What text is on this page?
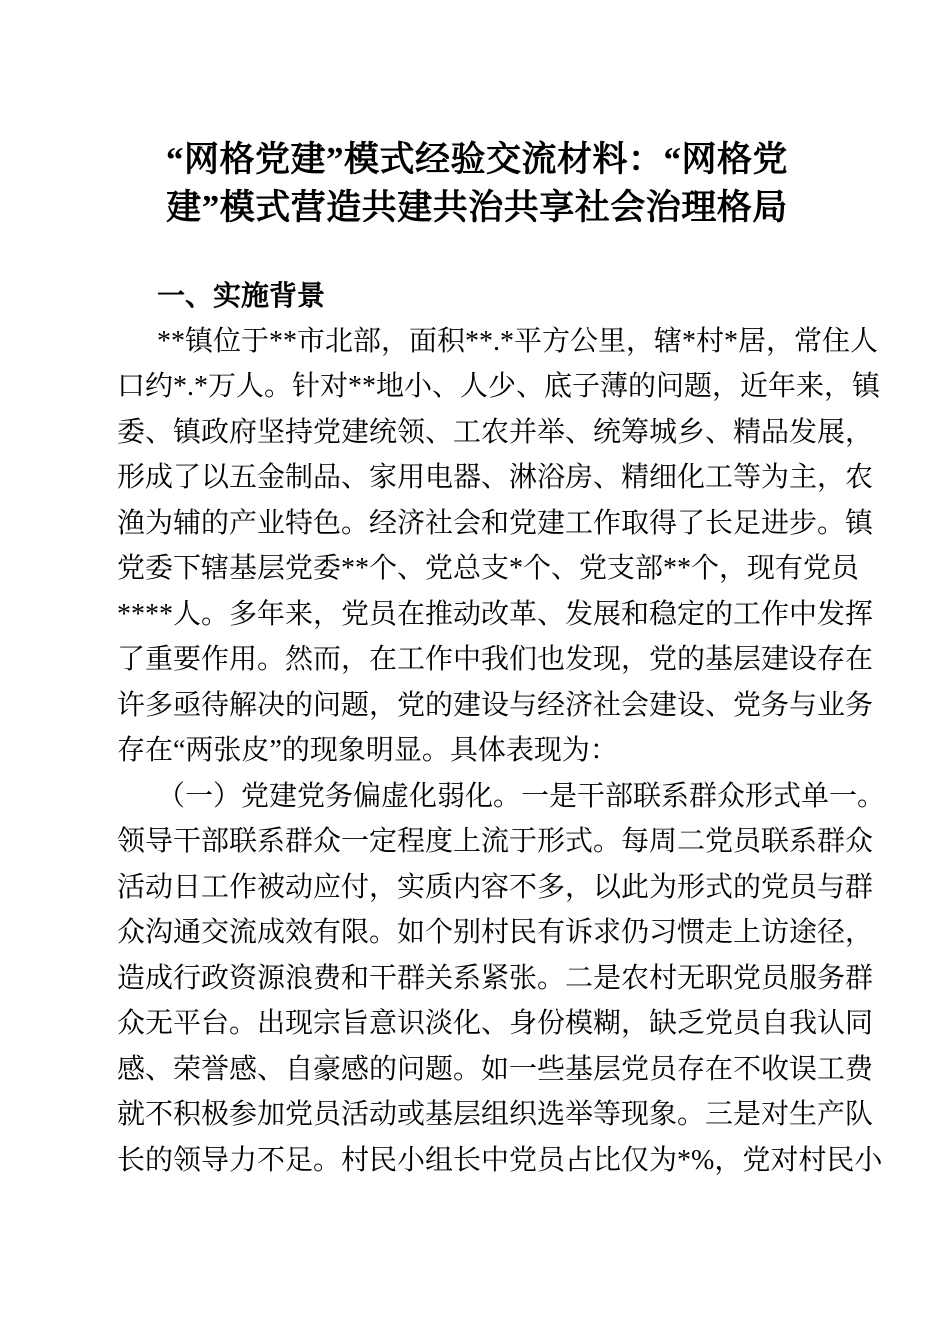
“网格党建”模式经验交流材料：“网格党
建”模式营造共建共治共享社会治理格局
一、实施背景
**镇位于**市北部，面积**.*平方公里，辖*村*居，常住人
口约*.*万人。针对**地小、人少、底子薄的问题，近年来，镇
委、镇政府坚持党建统领、工农并举、统筹城乡、精品发展，
形成了以五金制品、家用电器、淋浴房、精细化工等为主，农
渔为辅的产业特色。经济社会和党建工作取得了长足进步。镇
党委下辖基层党委**个、党总支*个、党支部**个，现有党员
****人。多年来，党员在推动改革、发展和稳定的工作中发挥
了重要作用。然而，在工作中我们也发现，党的基层建设存在
许多亟待解决的问题，党的建设与经济社会建设、党务与业务
存在“两张皮”的现象明显。具体表现为：
（一）党建党务偏虚化弱化。一是干部联系群众形式单一。
领导干部联系群众一定程度上流于形式。每周二党员联系群众
活动日工作被动应付，实质内容不多，以此为形式的党员与群
众沟通交流成效有限。如个别村民有诉求仍习惯走上访途径，
造成行政资源浪费和干群关系紧张。二是农村无职党员服务群
众无平台。出现宗旨意识淡化、身份模糊，缺乏党员自我认同
感、荣誉感、自豪感的问题。如一些基层党员存在不收误工费
就不积极参加党员活动或基层组织选举等现象。三是对生产队
长的领导力不足。村民小组长中党员占比仅为*%，党对村民小
